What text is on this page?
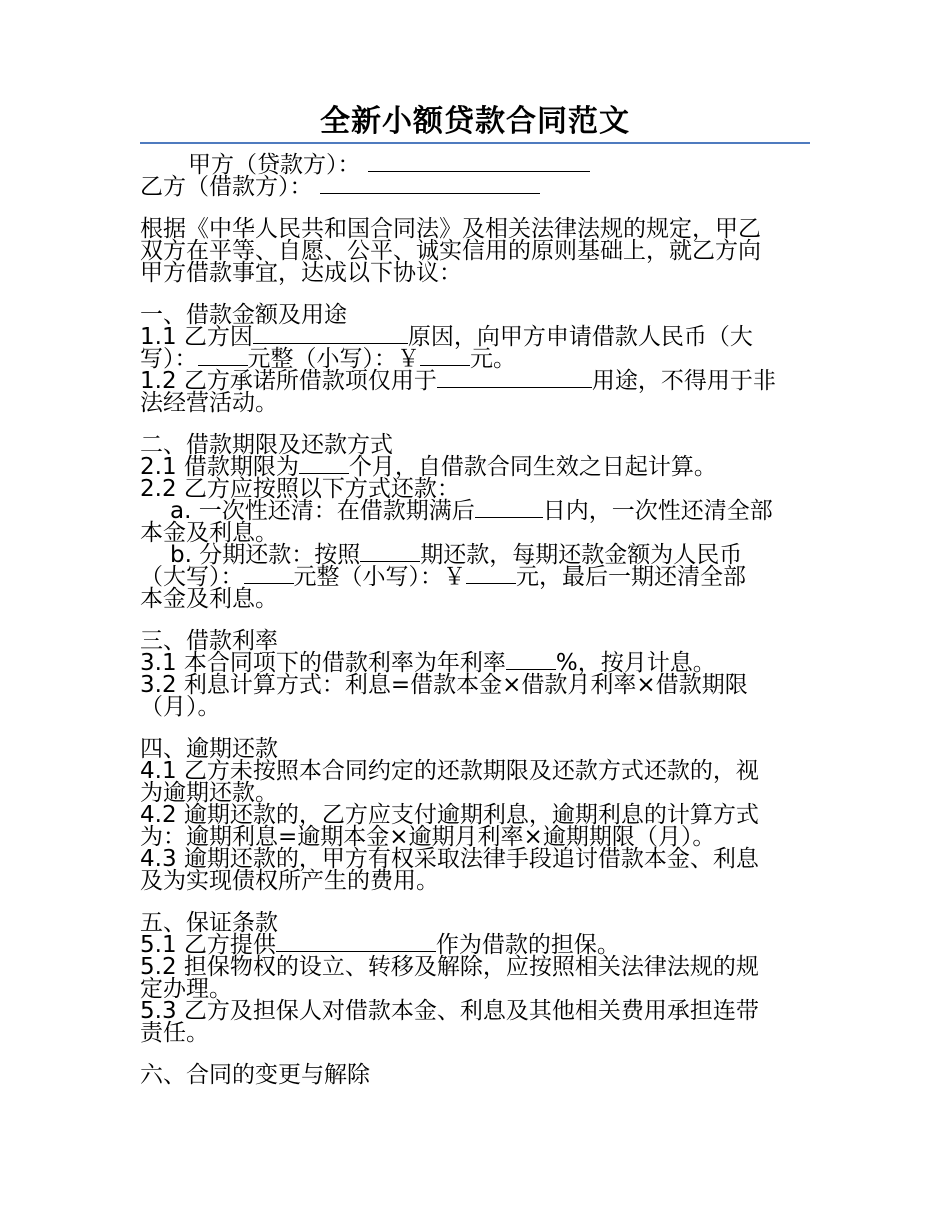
全新小额贷款合同范文
甲方（贷款方）：
乙方（借款方）：
根据《中华人民共和国合同法》及相关法律法规的规定，甲乙
双方在平等、自愿、公平、诚实信用的原则基础上，就乙方向
甲方借款事宜，达成以下协议：
一、借款金额及用途
1.1 乙方因	原因，向甲方申请借款人民币（大
写）： 元整（小写）：￥ 元。
1.2 乙方承诺所借款项仅用于	用途，不得用于非
法经营活动。
二、借款期限及还款方式
2.1 借款期限为 个月，自借款合同生效之日起计算。
2.2 乙方应按照以下方式还款：
a. 一次性还清：在借款期满后	日内，一次性还清全部
本金及利息。
b. 分期还款：按照	期还款，每期还款金额为人民币
（大写）： 元整（小写）：￥ 元，最后一期还清全部
本金及利息。
三、借款利率
3.1 本合同项下的借款利率为年利率 %，按月计息。
3.2 利息计算方式：利息=借款本金×借款月利率×借款期限
（月）。
四、逾期还款
4.1 乙方未按照本合同约定的还款期限及还款方式还款的，视
为逾期还款。
4.2 逾期还款的，乙方应支付逾期利息，逾期利息的计算方式
为：逾期利息=逾期本金×逾期月利率×逾期期限（月）。
4.3 逾期还款的，甲方有权采取法律手段追讨借款本金、利息
及为实现债权所产生的费用。
五、保证条款
5.1 乙方提供	作为借款的担保。
5.2 担保物权的设立、转移及解除，应按照相关法律法规的规
定办理。
5.3 乙方及担保人对借款本金、利息及其他相关费用承担连带
责任。
六、合同的变更与解除
